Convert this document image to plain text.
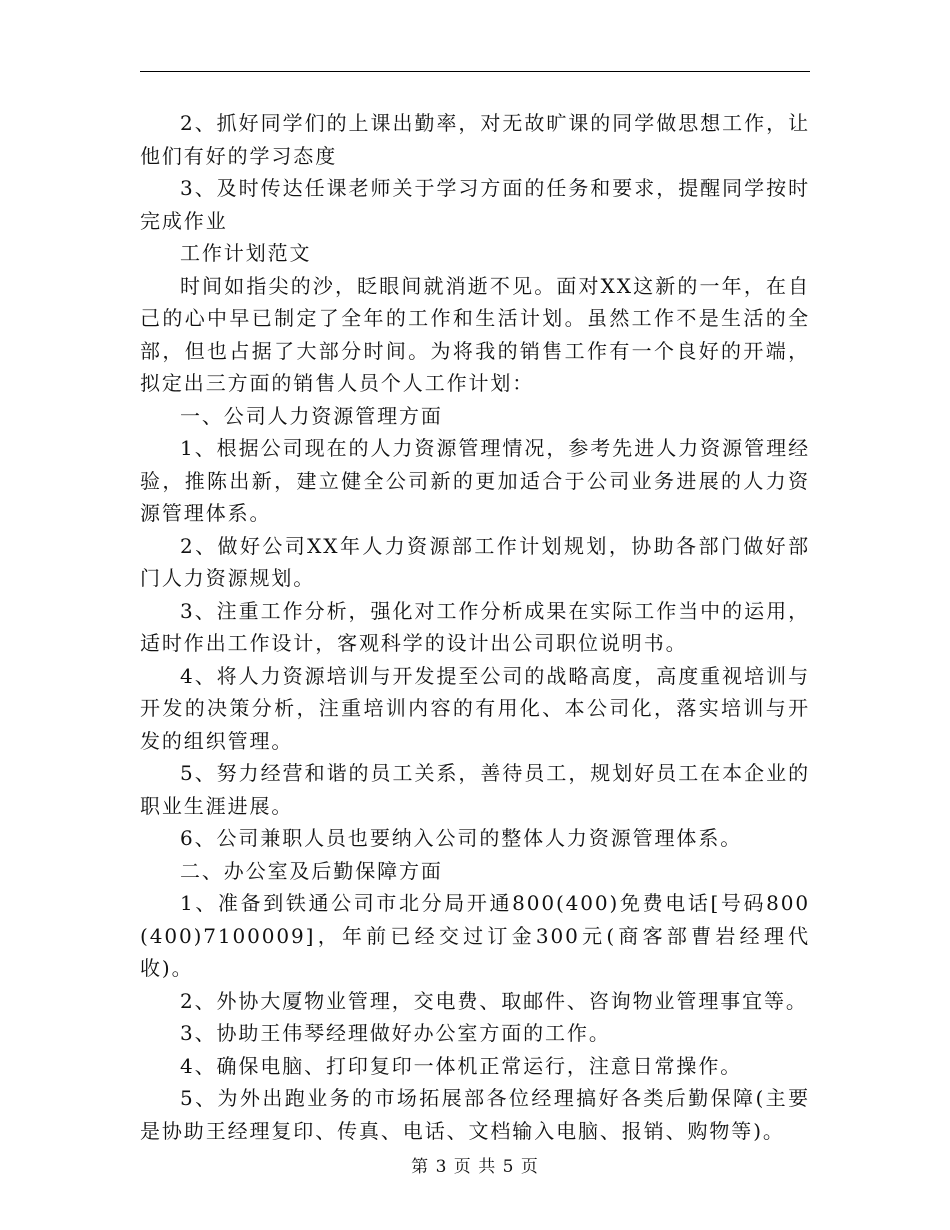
2、抓好同学们的上课出勤率，对无故旷课的同学做思想工作，让他们有好的学习态度

3、及时传达任课老师关于学习方面的任务和要求，提醒同学按时完成作业

工作计划范文

时间如指尖的沙，眨眼间就消逝不见。面对XX这新的一年，在自己的心中早已制定了全年的工作和生活计划。虽然工作不是生活的全部，但也占据了大部分时间。为将我的销售工作有一个良好的开端，拟定出三方面的销售人员个人工作计划：

一、公司人力资源管理方面

1、根据公司现在的人力资源管理情况，参考先进人力资源管理经验，推陈出新，建立健全公司新的更加适合于公司业务进展的人力资源管理体系。

2、做好公司XX年人力资源部工作计划规划，协助各部门做好部门人力资源规划。

3、注重工作分析，强化对工作分析成果在实际工作当中的运用，适时作出工作设计，客观科学的设计出公司职位说明书。

4、将人力资源培训与开发提至公司的战略高度，高度重视培训与开发的决策分析，注重培训内容的有用化、本公司化，落实培训与开发的组织管理。

5、努力经营和谐的员工关系，善待员工，规划好员工在本企业的职业生涯进展。

6、公司兼职人员也要纳入公司的整体人力资源管理体系。

二、办公室及后勤保障方面

1、准备到铁通公司市北分局开通800(400)免费电话[号码800(400)7100009]，年前已经交过订金300元(商客部曹岩经理代收)。

2、外协大厦物业管理，交电费、取邮件、咨询物业管理事宜等。

3、协助王伟琴经理做好办公室方面的工作。

4、确保电脑、打印复印一体机正常运行，注意日常操作。

5、为外出跑业务的市场拓展部各位经理搞好各类后勤保障(主要是协助王经理复印、传真、电话、文档输入电脑、报销、购物等)。

第 3 页 共 5 页
